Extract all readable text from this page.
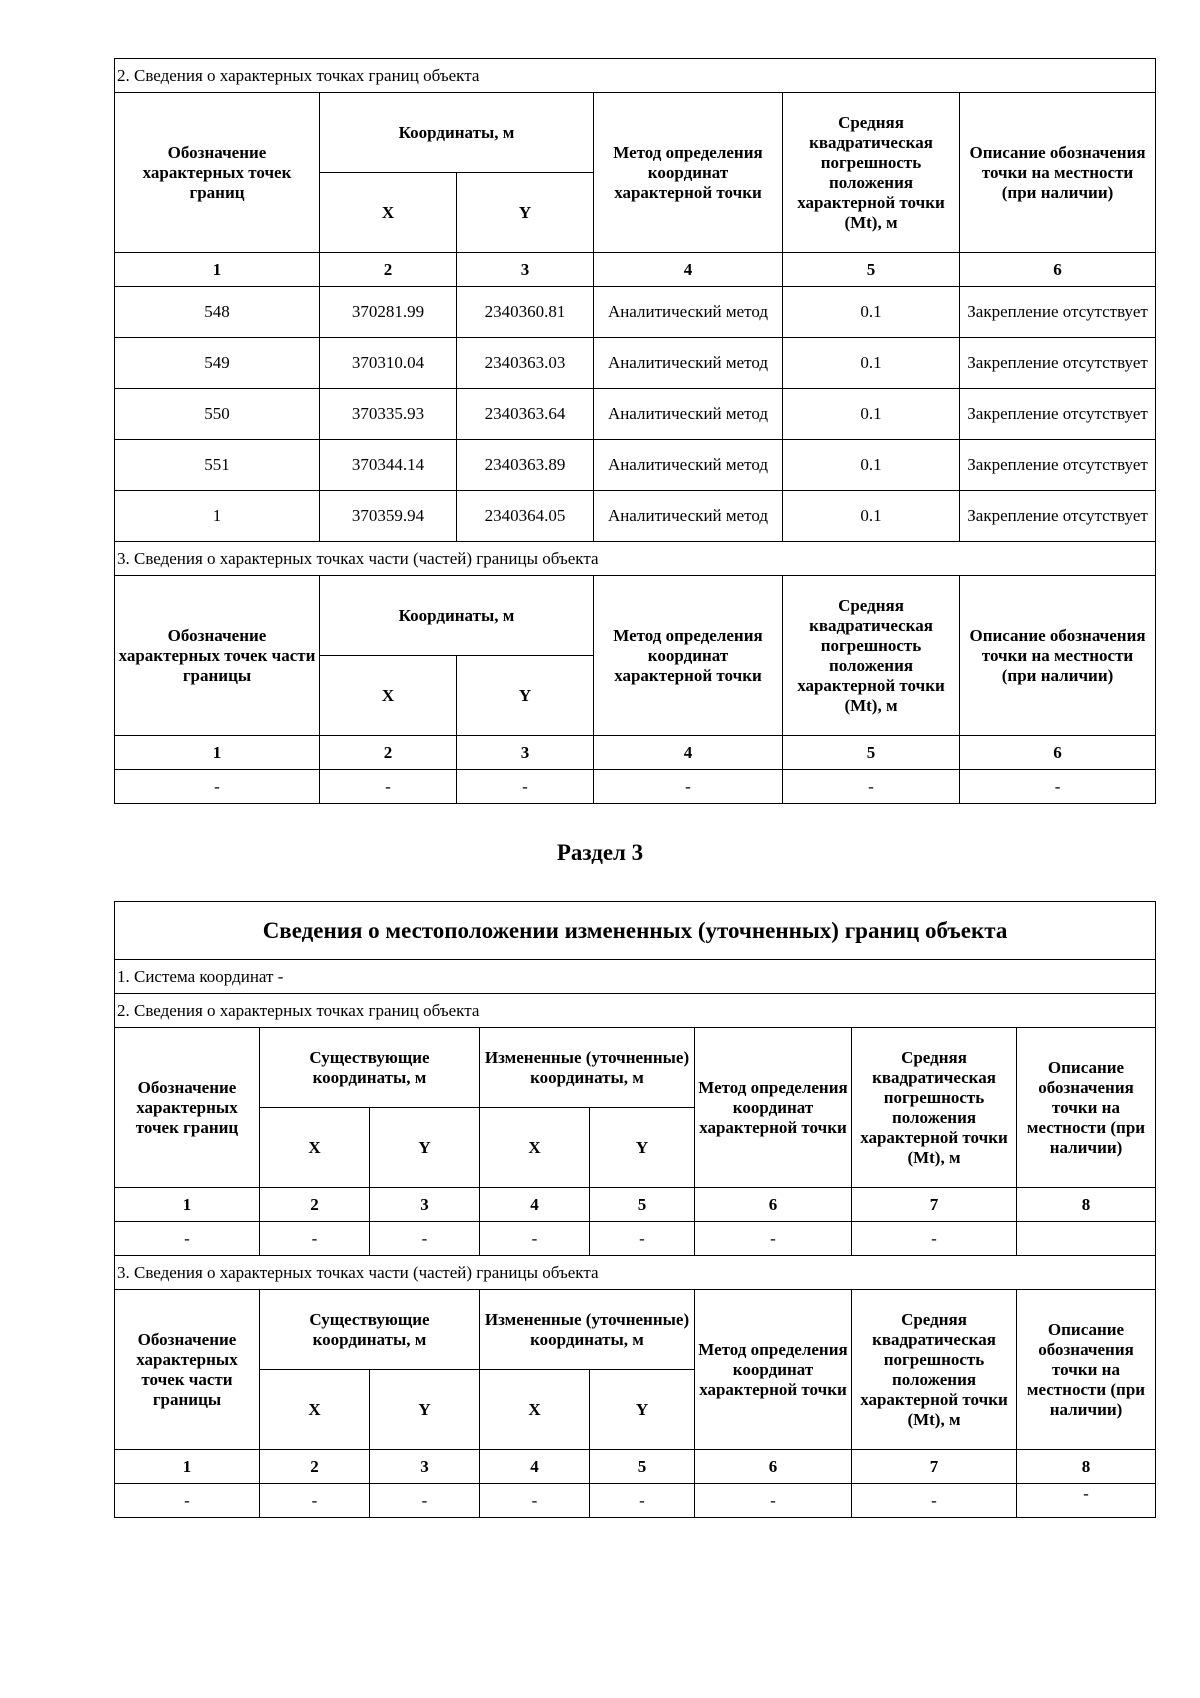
2. Сведения о характерных точках границ объекта					
Обозначение характерных точек границ	Координаты, м		Метод определения координат характерной точки	Средняя квадратическая погрешность положения характерной точки (Mt), м	Описание обозначения точки на местности (при наличии)
	X	Y			
1	2	3	4	5	6
548	370281.99	2340360.81	Аналитический метод	0.1	Закрепление отсутствует
549	370310.04	2340363.03	Аналитический метод	0.1	Закрепление отсутствует
550	370335.93	2340363.64	Аналитический метод	0.1	Закрепление отсутствует
551	370344.14	2340363.89	Аналитический метод	0.1	Закрепление отсутствует
1	370359.94	2340364.05	Аналитический метод	0.1	Закрепление отсутствует
3. Сведения о характерных точках части (частей) границы объекта					
Обозначение характерных точек части границы	Координаты, м		Метод определения координат характерной точки	Средняя квадратическая погрешность положения характерной точки (Mt), м	Описание обозначения точки на местности (при наличии)
	X	Y			
1	2	3	4	5	6
-	-	-	-	-	-
Раздел 3
Сведения о местоположении измененных (уточненных) границ объекта							
1. Система координат -							
2. Сведения о характерных точках границ объекта							
Обозначение характерных точек границ	Существующие координаты, м		Измененные (уточненные) координаты, м		Метод определения координат характерной точки	Средняя квадратическая погрешность положения характерной точки (Mt), м	Описание обозначения точки на местности (при наличии)
	X	Y	X	Y			
1	2	3	4	5	6	7	8
-	-	-	-	-	-	-	
3. Сведения о характерных точках части (частей) границы объекта							
Обозначение характерных точек части границы	Существующие координаты, м		Измененные (уточненные) координаты, м		Метод определения координат характерной точки	Средняя квадратическая погрешность положения характерной точки (Mt), м	Описание обозначения точки на местности (при наличии)
	X	Y	X	Y			
1	2	3	4	5	6	7	8
-	-	-	-	-	-	-	-
